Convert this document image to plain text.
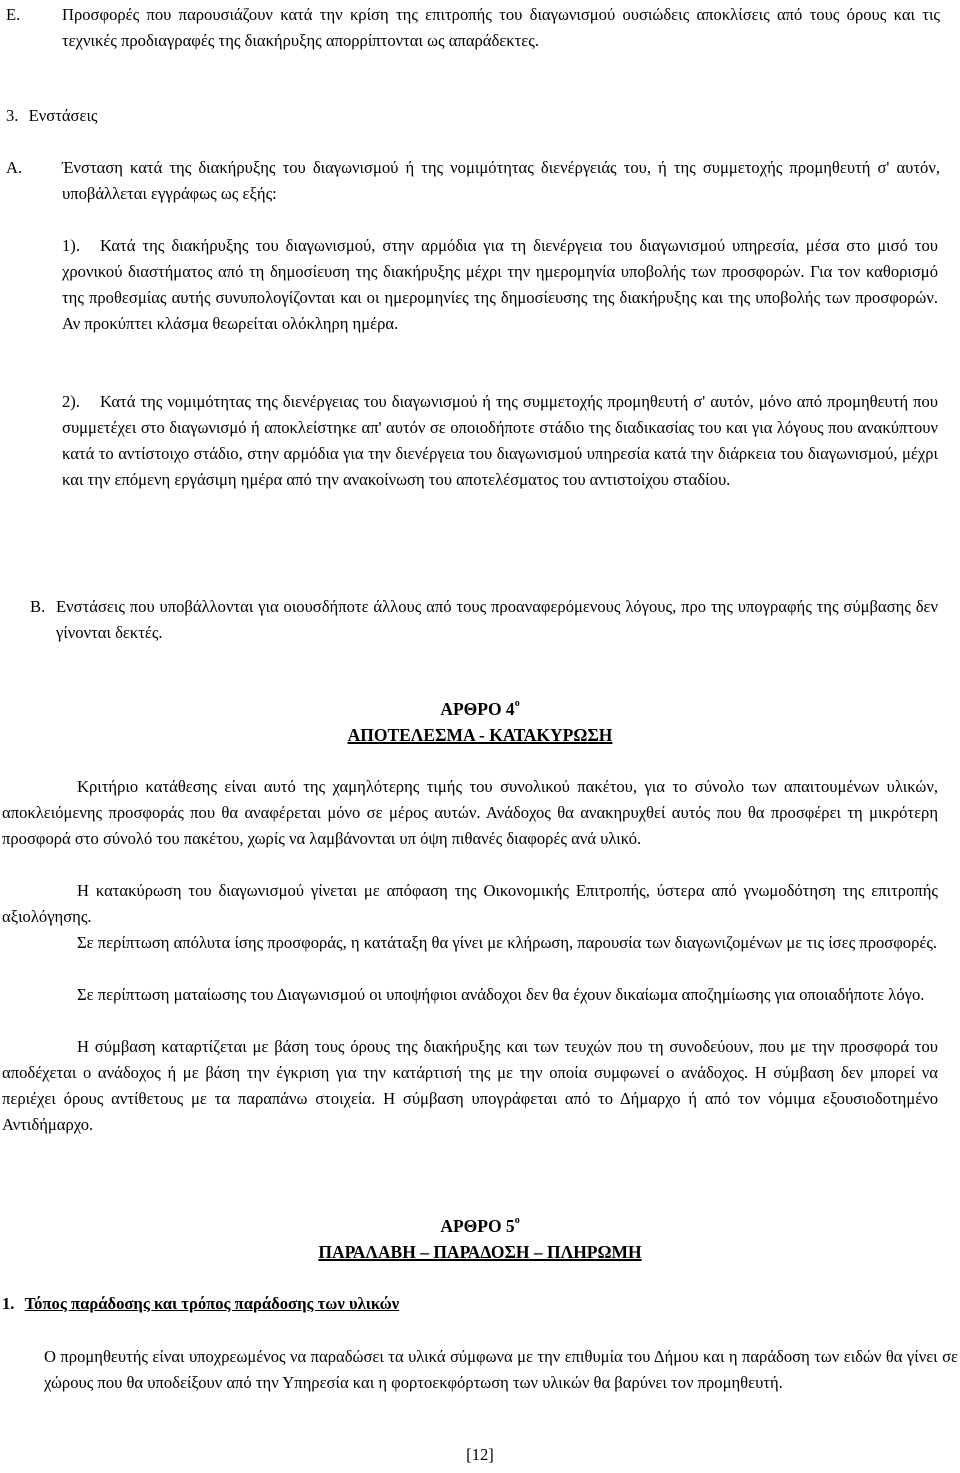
Ε.	Προσφορές που παρουσιάζουν κατά την κρίση της επιτροπής του διαγωνισμού ουσιώδεις αποκλίσεις από τους όρους και τις τεχνικές προδιαγραφές της διακήρυξης απορρίπτονται ως απαράδεκτες.
3. Ενστάσεις
Α.	Ένσταση κατά της διακήρυξης του διαγωνισμού ή της νομιμότητας διενέργειάς του, ή της συμμετοχής προμηθευτή σ' αυτόν, υποβάλλεται εγγράφως ως εξής:
1).	Κατά της διακήρυξης του διαγωνισμού, στην αρμόδια για τη διενέργεια του διαγωνισμού υπηρεσία, μέσα στο μισό του χρονικού διαστήματος από τη δημοσίευση της διακήρυξης μέχρι την ημερομηνία υποβολής των προσφορών. Για τον καθορισμό της προθεσμίας αυτής συνυπολογίζονται και οι ημερομηνίες της δημοσίευσης της διακήρυξης και της υποβολής των προσφορών. Αν προκύπτει κλάσμα θεωρείται ολόκληρη ημέρα.
2).	Κατά της νομιμότητας της διενέργειας του διαγωνισμού ή της συμμετοχής προμηθευτή σ' αυτόν, μόνο από προμηθευτή που συμμετέχει στο διαγωνισμό ή αποκλείστηκε απ' αυτόν σε οποιοδήποτε στάδιο της διαδικασίας του και για λόγους που ανακύπτουν κατά το αντίστοιχο στάδιο, στην αρμόδια για την διενέργεια του διαγωνισμού υπηρεσία κατά την διάρκεια του διαγωνισμού, μέχρι και την επόμενη εργάσιμη ημέρα από την ανακοίνωση του αποτελέσματος του αντιστοίχου σταδίου.
Β. Ενστάσεις που υποβάλλονται για οιουσδήποτε άλλους από τους προαναφερόμενους λόγους, προ της υπογραφής της σύμβασης δεν γίνονται δεκτές.
ΑΡΘΡΟ $4^o$
ΑΠΟΤΕΛΕΣΜΑ - ΚΑΤΑΚΥΡΩΣΗ
Κριτήριο κατάθεσης είναι αυτό της χαμηλότερης τιμής του συνολικού πακέτου, για το σύνολο των απαιτουμένων υλικών, αποκλειόμενης προσφοράς που θα αναφέρεται μόνο σε μέρος αυτών. Ανάδοχος θα ανακηρυχθεί αυτός που θα προσφέρει τη μικρότερη προσφορά στο σύνολό του πακέτου, χωρίς να λαμβάνονται υπ όψη πιθανές διαφορές ανά υλικό.
Η κατακύρωση του διαγωνισμού γίνεται με απόφαση της Οικονομικής Επιτροπής, ύστερα από γνωμοδότηση της επιτροπής αξιολόγησης.
Σε περίπτωση απόλυτα ίσης προσφοράς, η κατάταξη θα γίνει με κλήρωση, παρουσία των διαγωνιζομένων με τις ίσες προσφορές.
Σε περίπτωση ματαίωσης του Διαγωνισμού οι υποψήφιοι ανάδοχοι δεν θα έχουν δικαίωμα αποζημίωσης για οποιαδήποτε λόγο.
Η σύμβαση καταρτίζεται με βάση τους όρους της διακήρυξης και των τευχών που τη συνοδεύουν, που με την προσφορά του αποδέχεται ο ανάδοχος ή με βάση την έγκριση για την κατάρτισή της με την οποία συμφωνεί ο ανάδοχος. Η σύμβαση δεν μπορεί να περιέχει όρους αντίθετους με τα παραπάνω στοιχεία. Η σύμβαση υπογράφεται από το Δήμαρχο ή από τον νόμιμα εξουσιοδοτημένο Αντιδήμαρχο.
ΑΡΘΡΟ $5^o$
ΠΑΡΑΛΑΒΗ – ΠΑΡΑΔΟΣΗ – ΠΛΗΡΩΜΗ
1. Τόπος παράδοσης και τρόπος παράδοσης των υλικών
Ο προμηθευτής είναι υποχρεωμένος να παραδώσει τα υλικά σύμφωνα με την επιθυμία του Δήμου και η παράδοση των ειδών θα γίνει σε χώρους που θα υποδείξουν από την Υπηρεσία και η φορτοεκφόρτωση των υλικών θα βαρύνει τον προμηθευτή.
[12]
